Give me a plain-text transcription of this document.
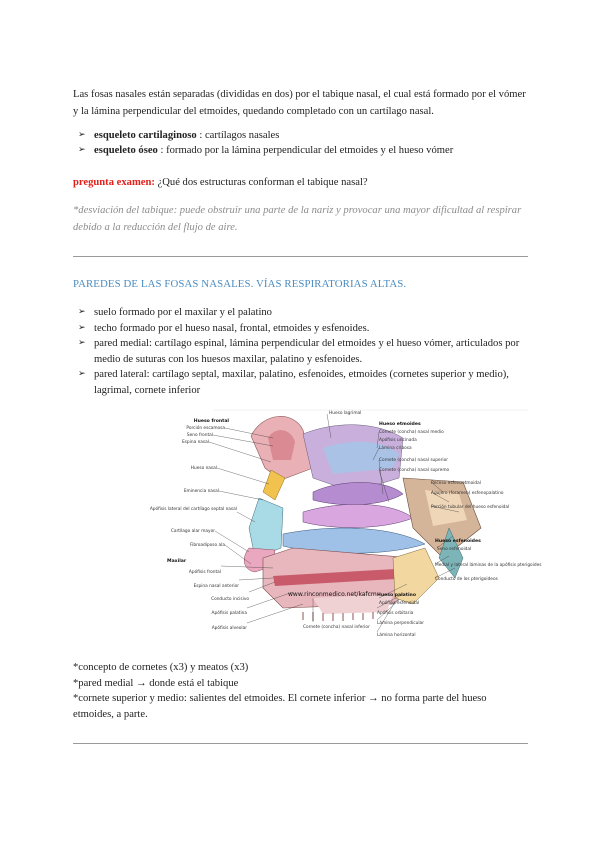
Las fosas nasales están separadas (divididas en dos) por el tabique nasal, el cual está formado por el vómer y la lámina perpendicular del etmoides, quedando completado con un cartílago nasal.

➢ esqueleto cartilaginoso : cartílagos nasales
➢ esqueleto óseo : formado por la lámina perpendicular del etmoides y el hueso vómer

pregunta examen: ¿Qué dos estructuras conforman el tabique nasal?

*desviación del tabique: puede obstruir una parte de la nariz y provocar una mayor dificultad al respirar debido a la reducción del flujo de aire.

PAREDES DE LAS FOSAS NASALES. VÍAS RESPIRATORIAS ALTAS.
➢ suelo formado por el maxilar y el palatino
➢ techo formado por el hueso nasal, frontal, etmoides y esfenoides.
➢ pared medial: cartílago espinal, lámina perpendicular del etmoides y el hueso vómer, articulados por medio de suturas con los huesos maxilar, palatino y esfenoides.
➢ pared lateral: cartílago septal, maxilar, palatino, esfenoides, etmoides (cornetes superior y medio), lagrimal, cornete inferior
Hueso frontal
Porción escamosa
Seno frontal
Espina nasal
Hueso nasal
Eminencia nasal
Apófisis lateral del cartílago septal nasal
Cartílago alar mayor
Fibroadiposo ala
Maxilar
Apófisis frontal
Espina nasal anterior
Conducto incisivo
Apófisis palatina
Apófisis alveolar
Hueso lagrimal
Hueso etmoides
Cornete (concha) nasal medio
Apófisis uncinada
Lámina cribosa
Cornete (concha) nasal superior
Cornete (concha) nasal supremo
Receso esfenoetmoidal
Agujero (foramen) esfenopalatino
Porción tubular del hueso esfenoidal
Hueso esfenoides
Seno esfenoidal
Medial y lateral láminas de la apófisis pterigoides
Conducto de los pterigoideos
Hueso palatino
Apófisis esfenoidal
Apófisis orbitaria
Lámina perpendicular
Lámina horizontal
Cornete (concha) nasal inferior
www.rinconmedico.net/kafcm
*concepto de cornetes (x3) y meatos (x3)
*pared medial → donde está el tabique
*cornete superior y medio: salientes del etmoides. El cornete inferior → no forma parte del hueso
etmoides, a parte.
